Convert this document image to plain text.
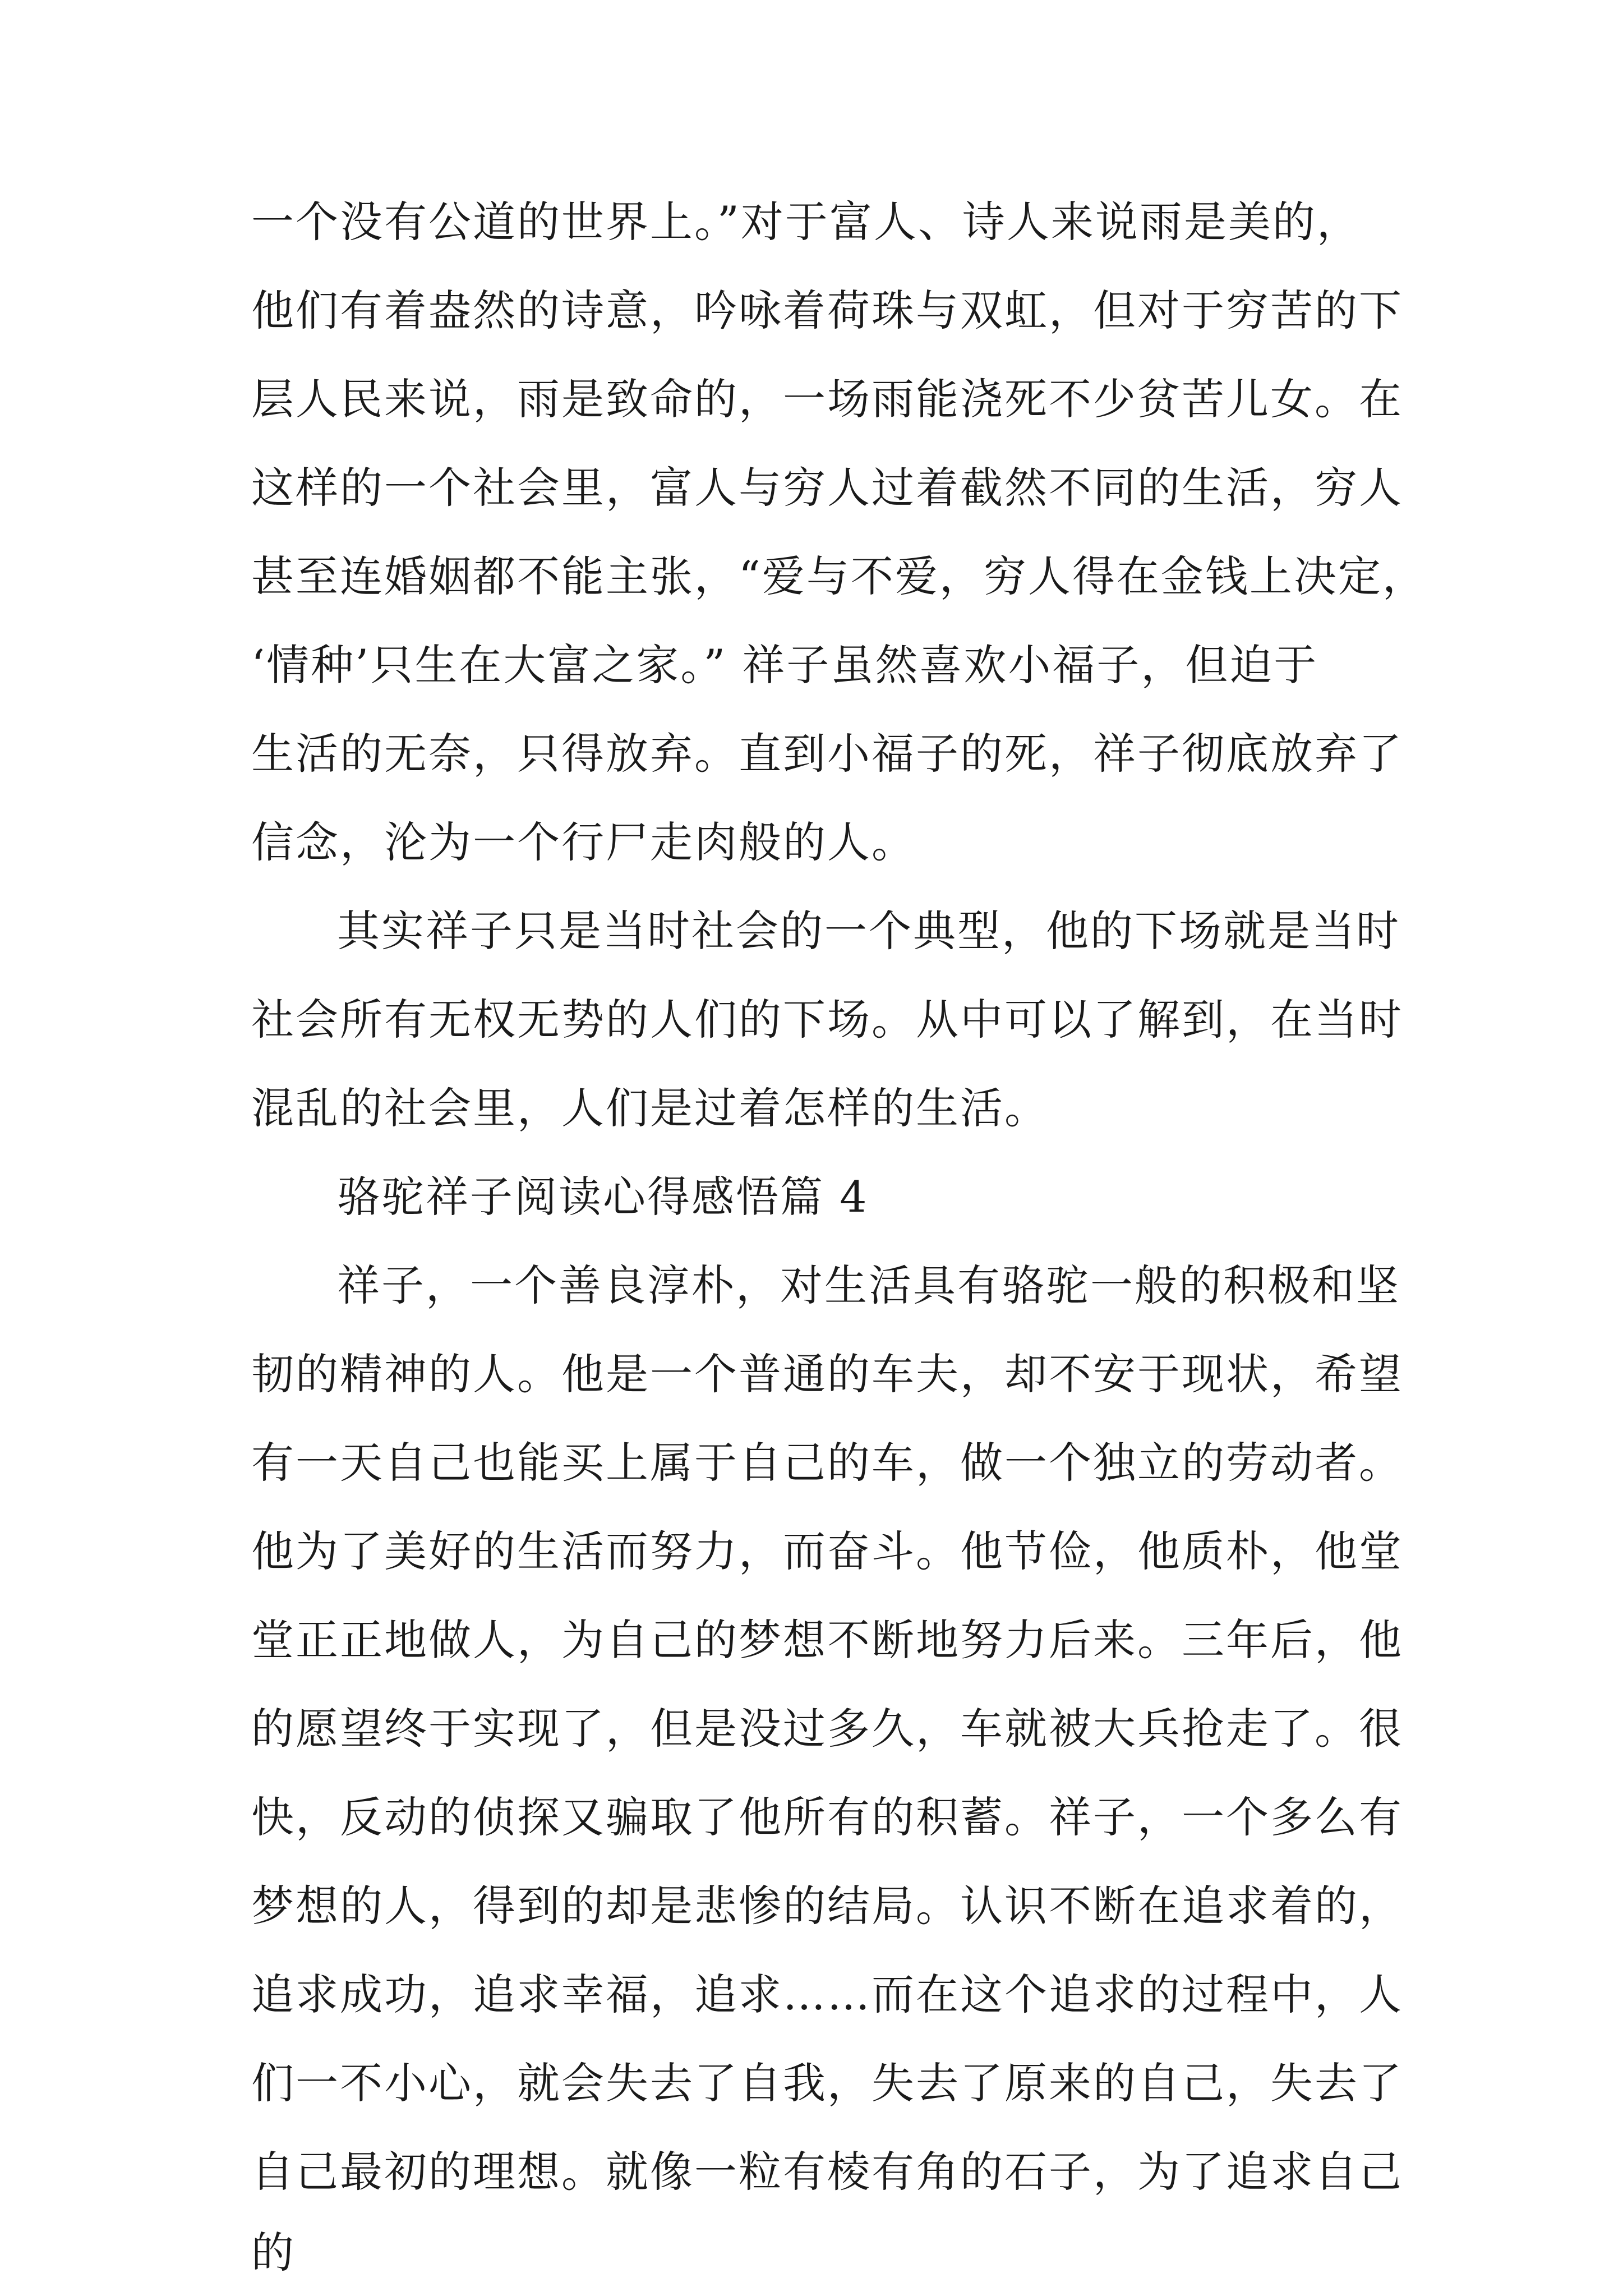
一个没有公道的世界上。”对于富人、诗人来说雨是美的，

他们有着盎然的诗意，吟咏着荷珠与双虹，但对于穷苦的下

层人民来说，雨是致命的，一场雨能浇死不少贫苦儿女。在

这样的一个社会里，富人与穷人过着截然不同的生活，穷人

甚至连婚姻都不能主张，“爱与不爱，穷人得在金钱上决定，

‘情种’只生在大富之家。” 祥子虽然喜欢小福子，但迫于

生活的无奈，只得放弃。直到小福子的死，祥子彻底放弃了

信念，沦为一个行尸走肉般的人。

其实祥子只是当时社会的一个典型，他的下场就是当时

社会所有无权无势的人们的下场。从中可以了解到，在当时

混乱的社会里，人们是过着怎样的生活。

骆驼祥子阅读心得感悟篇 4

祥子，一个善良淳朴，对生活具有骆驼一般的积极和坚

韧的精神的人。他是一个普通的车夫，却不安于现状，希望

有一天自己也能买上属于自己的车，做一个独立的劳动者。

他为了美好的生活而努力，而奋斗。他节俭，他质朴，他堂

堂正正地做人，为自己的梦想不断地努力后来。三年后，他

的愿望终于实现了，但是没过多久，车就被大兵抢走了。很

快，反动的侦探又骗取了他所有的积蓄。祥子，一个多么有

梦想的人，得到的却是悲惨的结局。认识不断在追求着的，

追求成功，追求幸福，追求……而在这个追求的过程中，人

们一不小心，就会失去了自我，失去了原来的自己，失去了

自己最初的理想。就像一粒有棱有角的石子，为了追求自己

的
